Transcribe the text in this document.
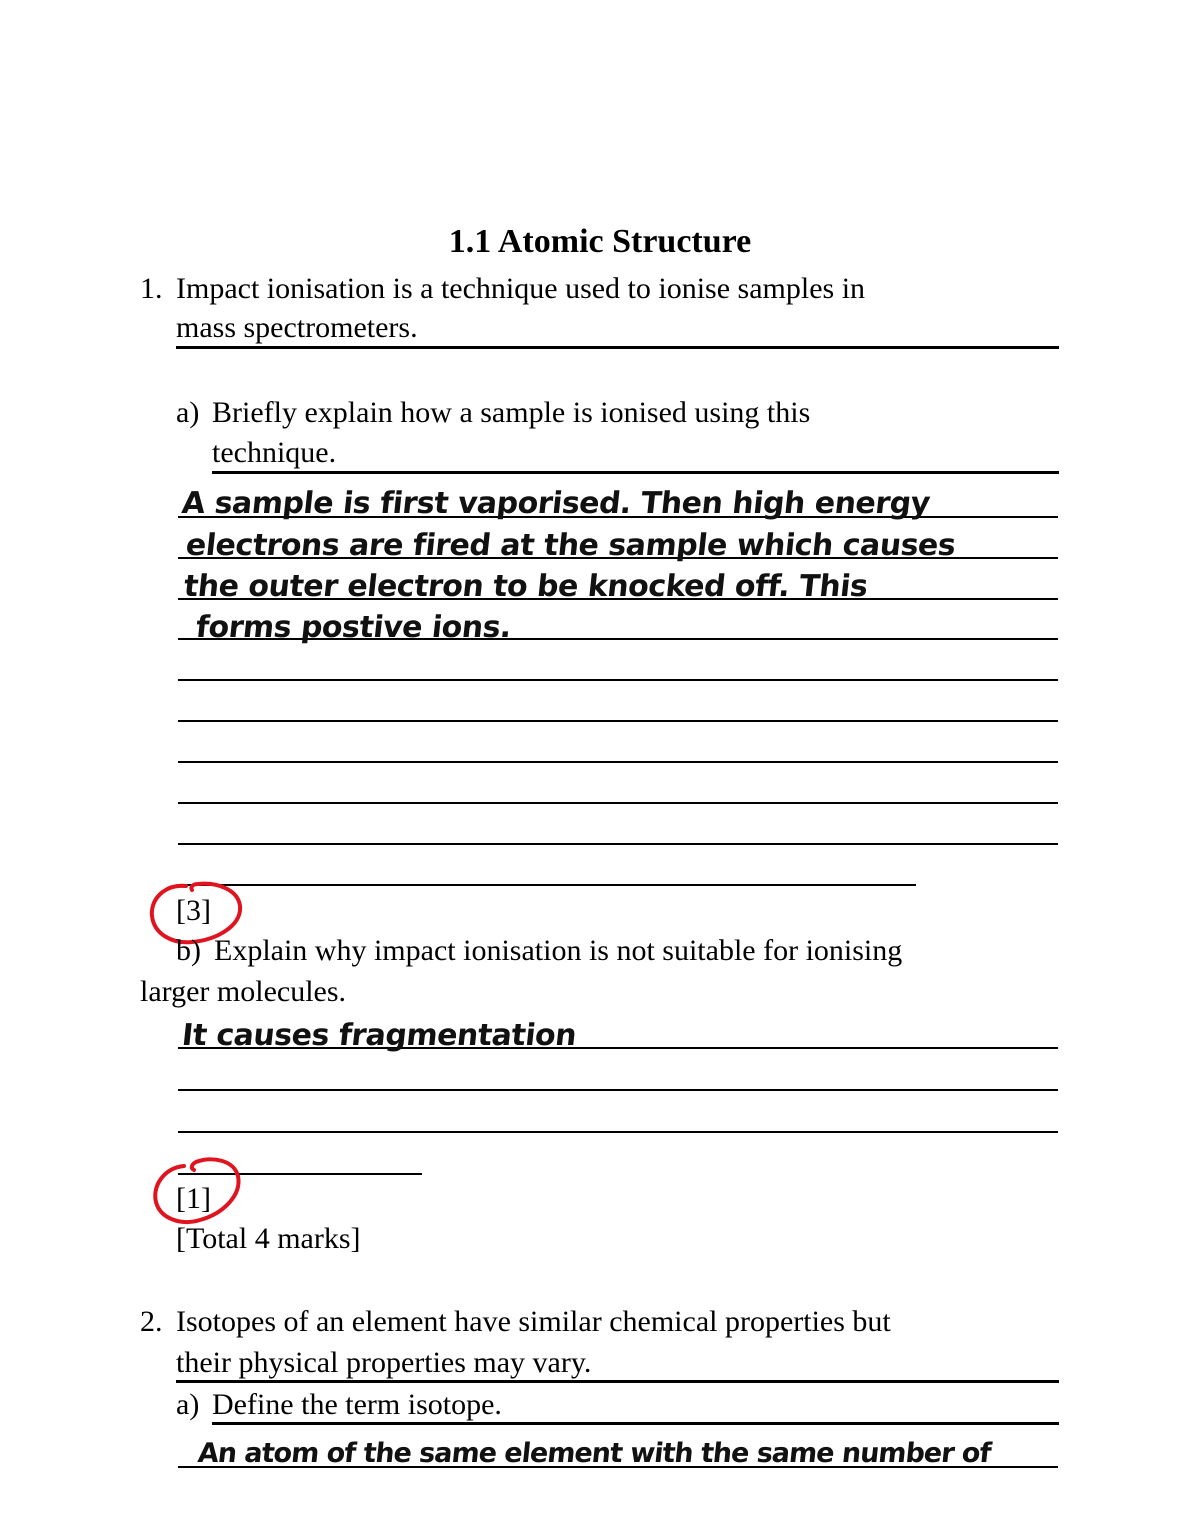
1.1 Atomic Structure
1. Impact ionisation is a technique used to ionise samples in
mass spectrometers.
a) Briefly explain how a sample is ionised using this
technique.
A sample is first vaporised. Then high energy
electrons are fired at the sample which causes
the outer electron to be knocked off. This
forms postive ions.
[3]
b) Explain why impact ionisation is not suitable for ionising
larger molecules.
It causes fragmentation
[1]
[Total 4 marks]
2. Isotopes of an element have similar chemical properties but
their physical properties may vary.
a) Define the term isotope.
An atom of the same element with the same number of
